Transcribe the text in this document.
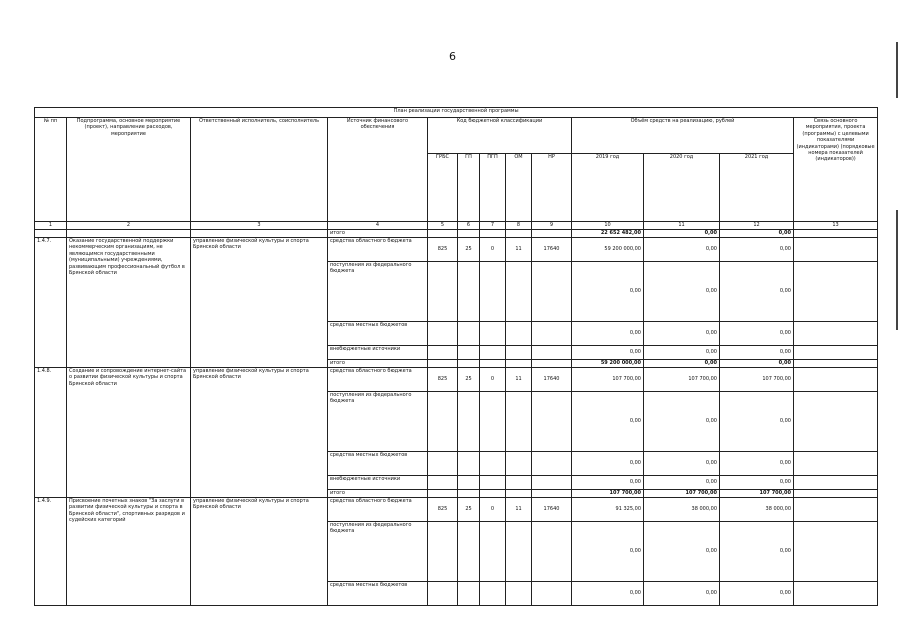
6
План реализации государственной программы												
№ пп	Подпрограмма, основное мероприятие (проект), направление расходов, мероприятие	Ответственный исполнитель, соисполнитель	Источник финансового обеспечения	Код бюджетной классификации					Объём средств на реализацию, рублей			Связь основного мероприятия, проекта (программы) с целевыми показателями (индикаторами) (порядковые номера показателей (индикаторов))
				ГРБС	ГП	ПГП	ОМ	НР	2019 год	2020 год	2021 год	
1	2	3	4	5	6	7	8	9	10	11	12	13
			итого						22 652 482,00	0,00	0,00	
1.4.7.	Оказание государственной поддержки некоммерческим организациям, не являющимся государственными (муниципальными) учреждениями, развивающим профессиональный футбол в Брянской области	управление физической культуры и спорта Брянской области	средства областного бюджета	825	25	0	11	17640	59 200 000,00	0,00	0,00	
			поступления из федерального бюджета						0,00	0,00	0,00	
			средства местных бюджетов						0,00	0,00	0,00	
			внебюджетные источники						0,00	0,00	0,00	
			итого						59 200 000,00	0,00	0,00	
1.4.8.	Создание и сопровождение интернет-сайта о развитии физической культуры и спорта Брянской области	управление физической культуры и спорта Брянской области	средства областного бюджета	825	25	0	11	17640	107 700,00	107 700,00	107 700,00	
			поступления из федерального бюджета						0,00	0,00	0,00	
			средства местных бюджетов						0,00	0,00	0,00	
			внебюджетные источники						0,00	0,00	0,00	
			итого						107 700,00	107 700,00	107 700,00	
1.4.9.	Присвоение почетных знаков "За заслуги в развитии физической культуры и спорта в Брянской области", спортивных разрядов и судейских категорий	управление физической культуры и спорта Брянской области	средства областного бюджета	825	25	0	11	17640	91 325,00	38 000,00	38 000,00	
			поступления из федерального бюджета						0,00	0,00	0,00	
			средства местных бюджетов						0,00	0,00	0,00	
